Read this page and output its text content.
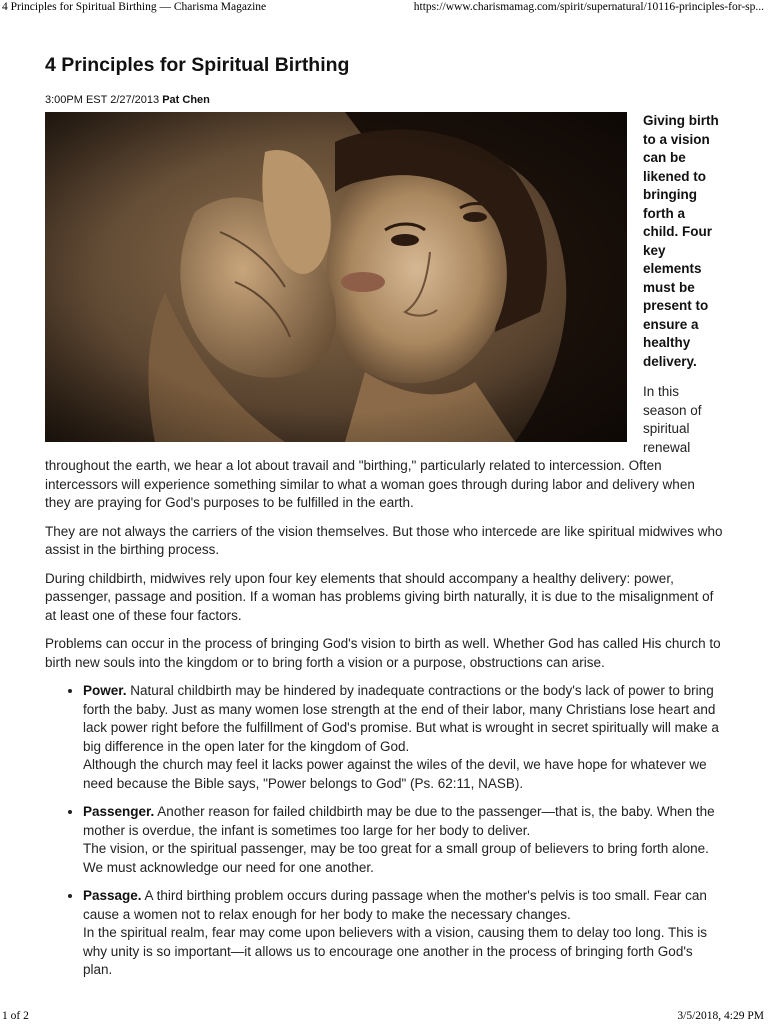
4 Principles for Spiritual Birthing — Charisma Magazine	https://www.charismamag.com/spirit/supernatural/10116-principles-for-sp...
4 Principles for Spiritual Birthing
3:00PM EST 2/27/2013 Pat Chen

Giving birth to a vision can be likened to bringing forth a child. Four key elements must be present to ensure a healthy delivery.

In this season of spiritual renewal throughout the earth, we hear a lot about travail and "birthing," particularly related to intercession. Often intercessors will experience something similar to what a woman goes through during labor and delivery when they are praying for God's purposes to be fulfilled in the earth.

They are not always the carriers of the vision themselves. But those who intercede are like spiritual midwives who assist in the birthing process.

During childbirth, midwives rely upon four key elements that should accompany a healthy delivery: power, passenger, passage and position. If a woman has problems giving birth naturally, it is due to the misalignment of at least one of these four factors.

Problems can occur in the process of bringing God's vision to birth as well. Whether God has called His church to birth new souls into the kingdom or to bring forth a vision or a purpose, obstructions can arise.

• Power. Natural childbirth may be hindered by inadequate contractions or the body's lack of power to bring forth the baby. Just as many women lose strength at the end of their labor, many Christians lose heart and lack power right before the fulfillment of God's promise. But what is wrought in secret spiritually will make a big difference in the open later for the kingdom of God.
Although the church may feel it lacks power against the wiles of the devil, we have hope for whatever we need because the Bible says, "Power belongs to God" (Ps. 62:11, NASB).
• Passenger. Another reason for failed childbirth may be due to the passenger—that is, the baby. When the mother is overdue, the infant is sometimes too large for her body to deliver.
The vision, or the spiritual passenger, may be too great for a small group of believers to bring forth alone. We must acknowledge our need for one another.
• Passage. A third birthing problem occurs during passage when the mother's pelvis is too small. Fear can cause a women not to relax enough for her body to make the necessary changes.
In the spiritual realm, fear may come upon believers with a vision, causing them to delay too long. This is why unity is so important—it allows us to encourage one another in the process of bringing forth God's plan.
1 of 2	3/5/2018, 4:29 PM
